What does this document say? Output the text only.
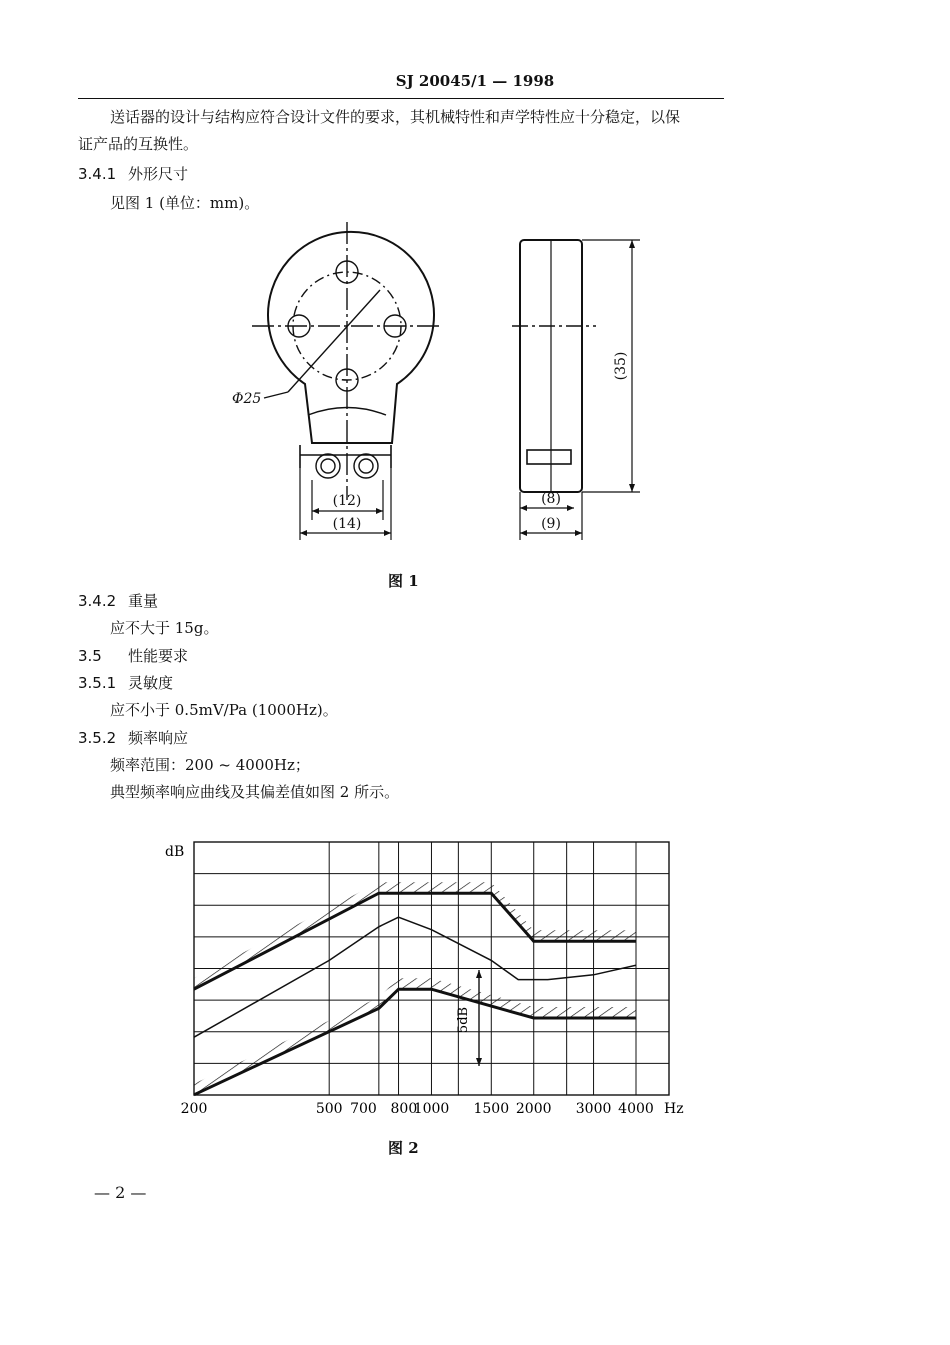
SJ 20045/1 — 1998
送话器的设计与结构应符合设计文件的要求，其机械特性和声学特性应十分稳定，以保
证产品的互换性。
3.4.1 外形尺寸
见图 1 (单位：mm)。
Φ25
(12)
(14)
(8)
(9)
(35)
图 1
3.4.2 重量
应不大于 15g。
3.5 性能要求
3.5.1 灵敏度
应不小于 0.5mV/Pa (1000Hz)。
3.5.2 频率响应
频率范围：200 ~ 4000Hz；
典型频率响应曲线及其偏差值如图 2 所示。
5dB
dB
Hz
200	500 700 800
1000 1500 2000 3000 4000
图 2
— 2 —
